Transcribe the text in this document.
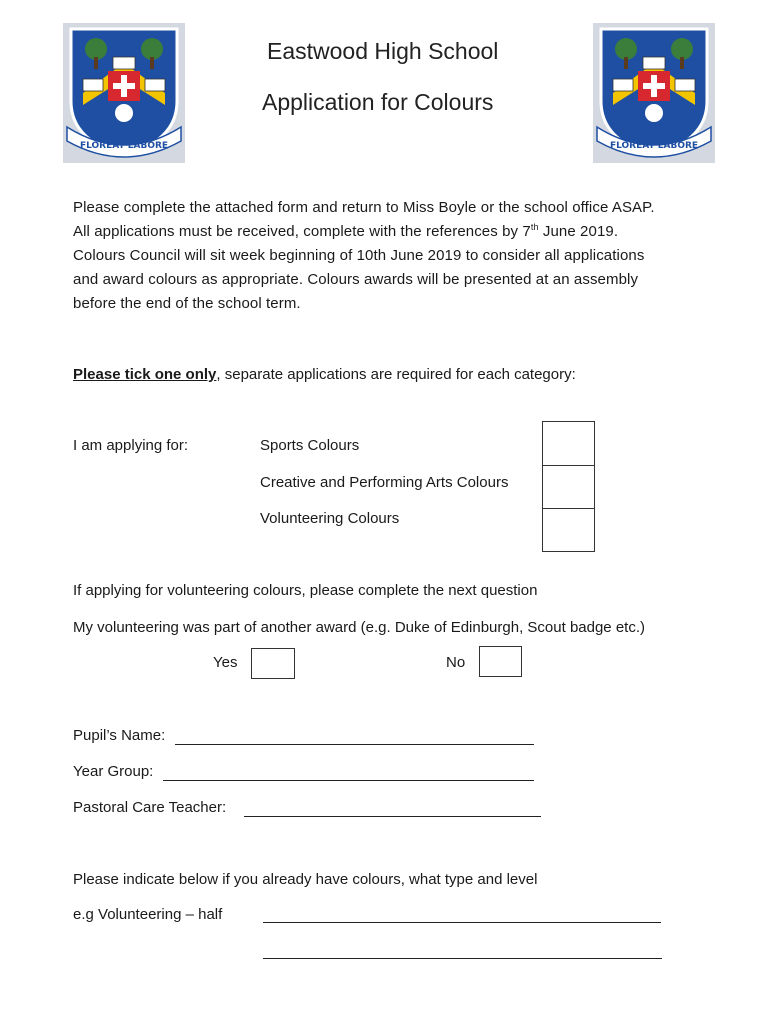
FLOREAT LABORE	FLOREAT LABORE
Eastwood High School
Application for Colours
Please complete the attached form and return to Miss Boyle or the school office ASAP.
All applications must be received, complete with the references by 7th June 2019.
Colours Council will sit week beginning of 10th June 2019 to consider all applications
and award colours as appropriate. Colours awards will be presented at an assembly
before the end of the school term.
Please tick one only, separate applications are required for each category:
I am applying for:	Sports Colours
Creative and Performing Arts Colours
Volunteering Colours
If applying for volunteering colours, please complete the next question
My volunteering was part of another award (e.g. Duke of Edinburgh, Scout badge etc.)
Yes	No
Pupil’s Name:
Year Group:
Pastoral Care Teacher:
Please indicate below if you already have colours, what type and level
e.g Volunteering – half
